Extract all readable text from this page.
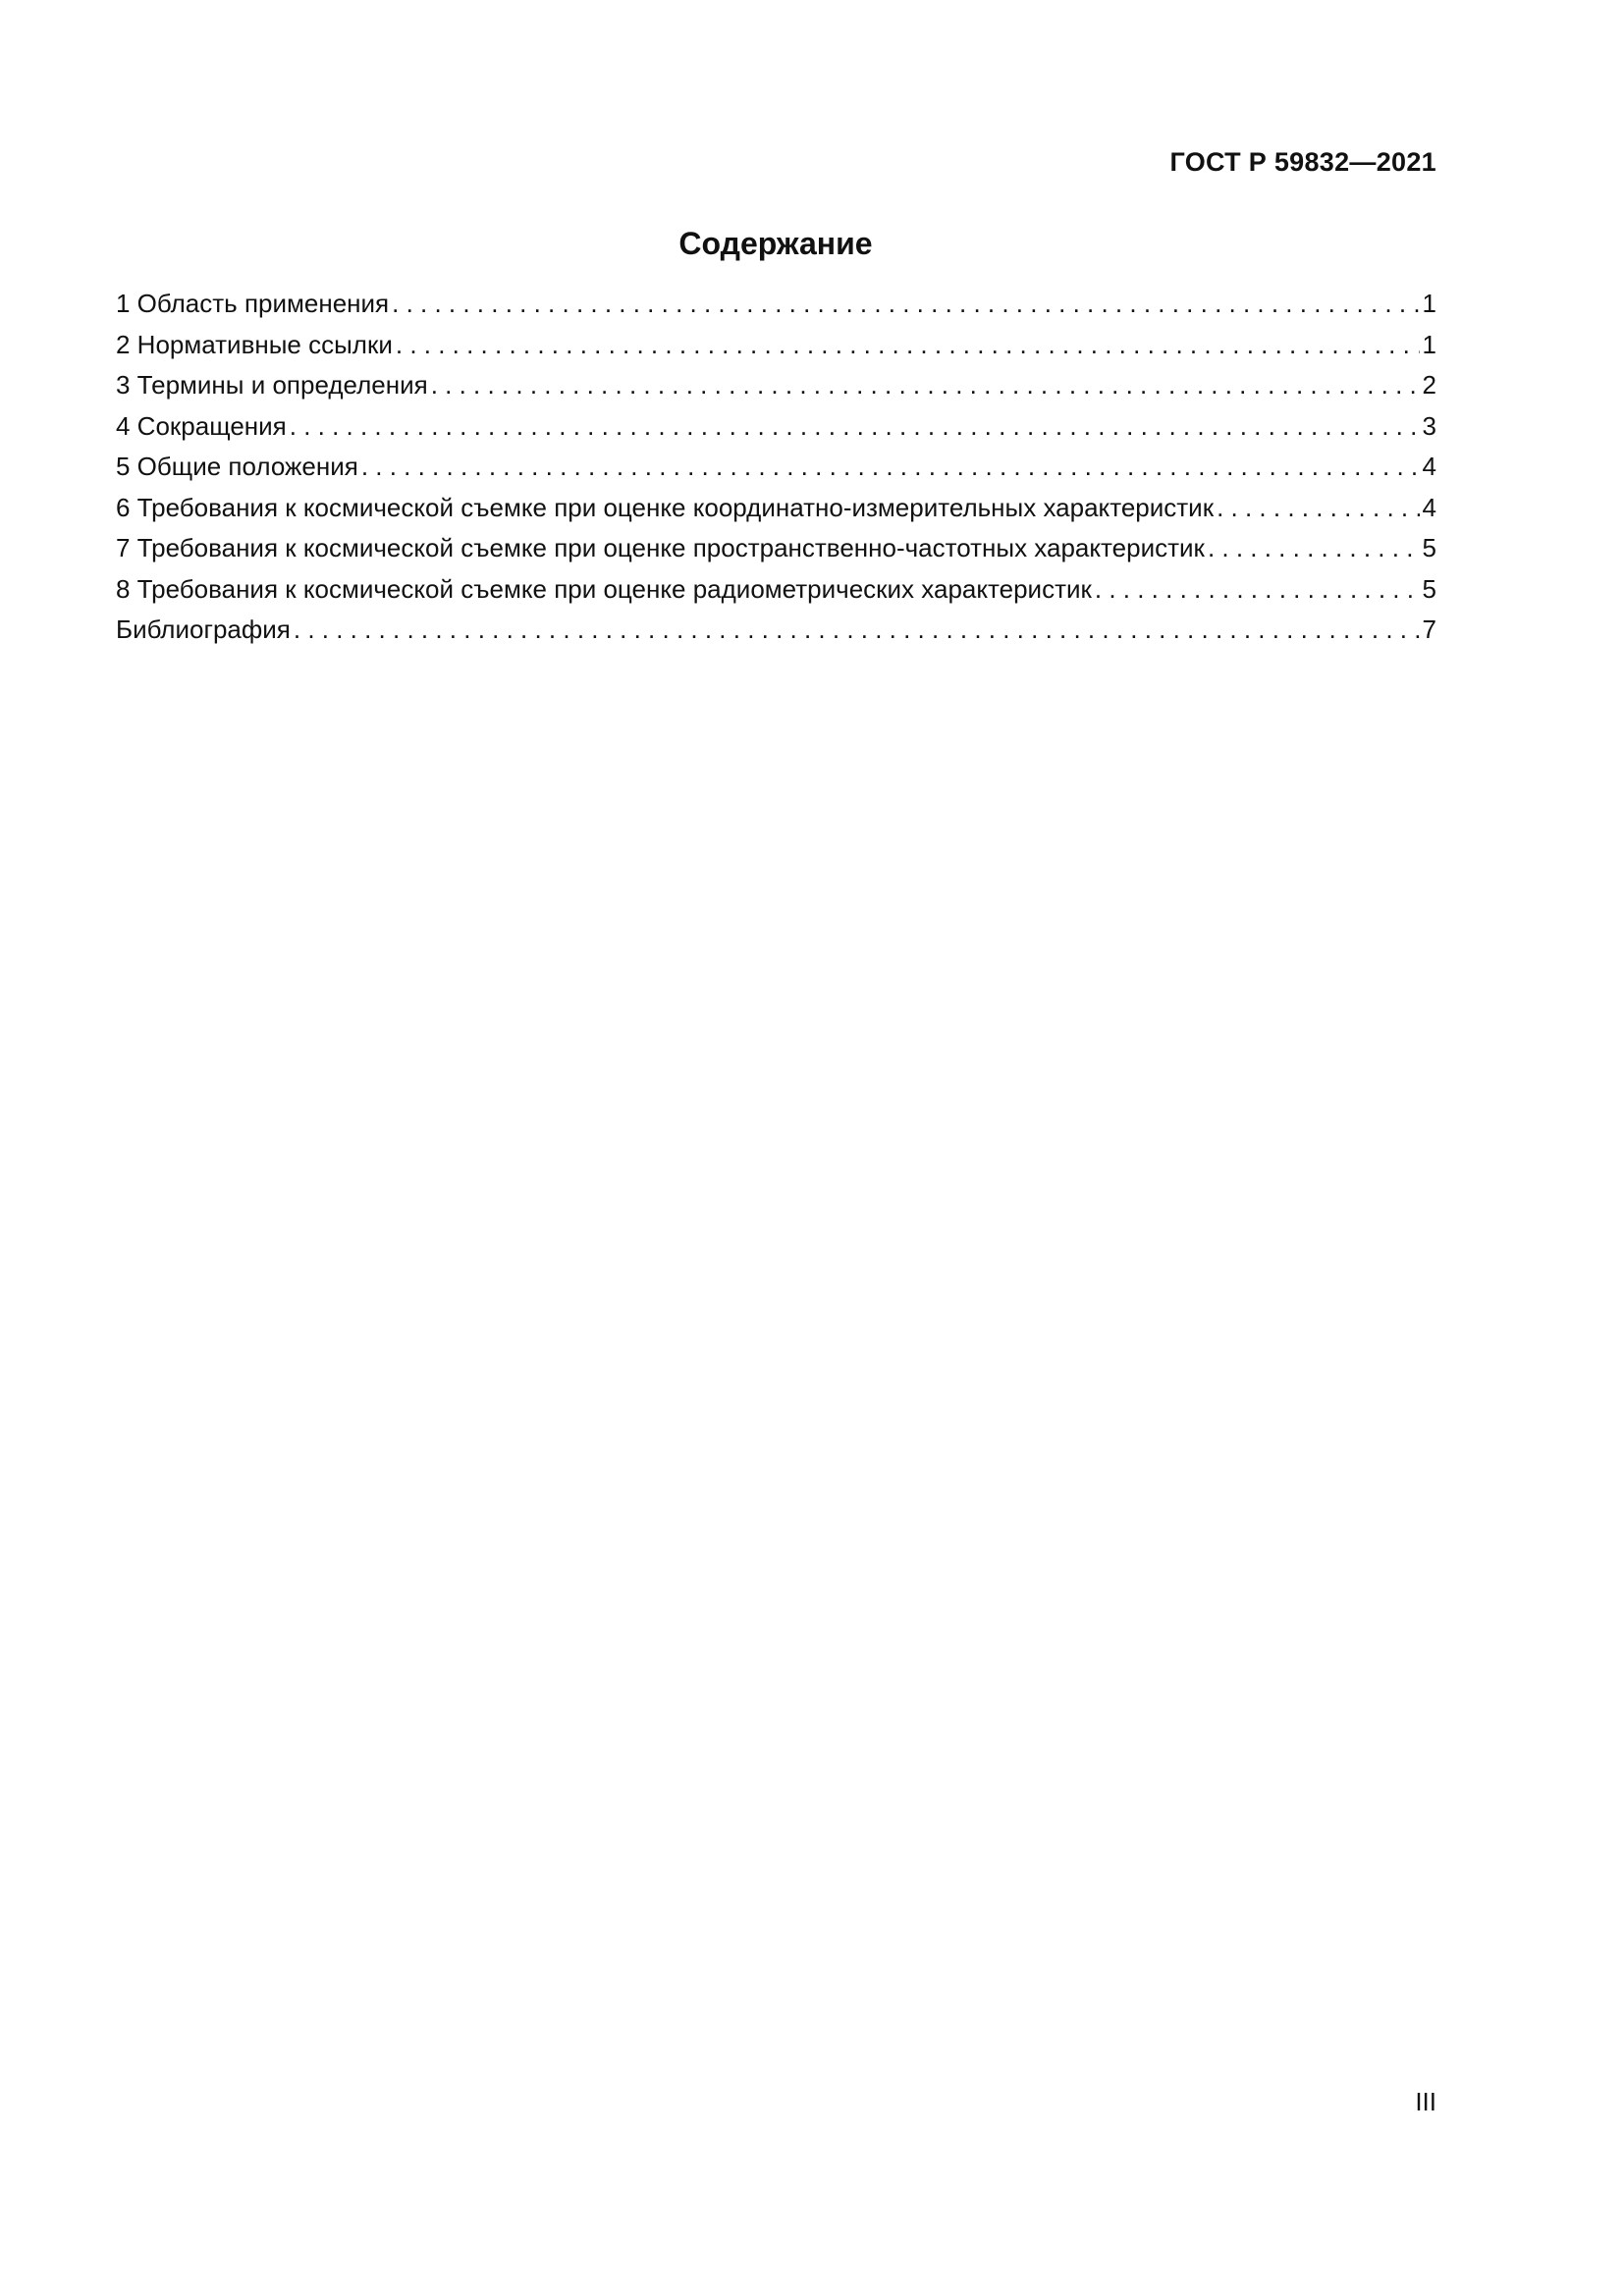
ГОСТ Р 59832—2021
Содержание
1 Область применения . . .	1
2 Нормативные ссылки . . .	1
3 Термины и определения . . .	2
4 Сокращения . . .	3
5 Общие положения . . .	4
6 Требования к космической съемке при оценке координатно-измерительных характеристик . . .	4
7 Требования к космической съемке при оценке пространственно-частотных характеристик . . .	5
8 Требования к космической съемке при оценке радиометрических характеристик . . .	5
Библиография . . .	7
III
